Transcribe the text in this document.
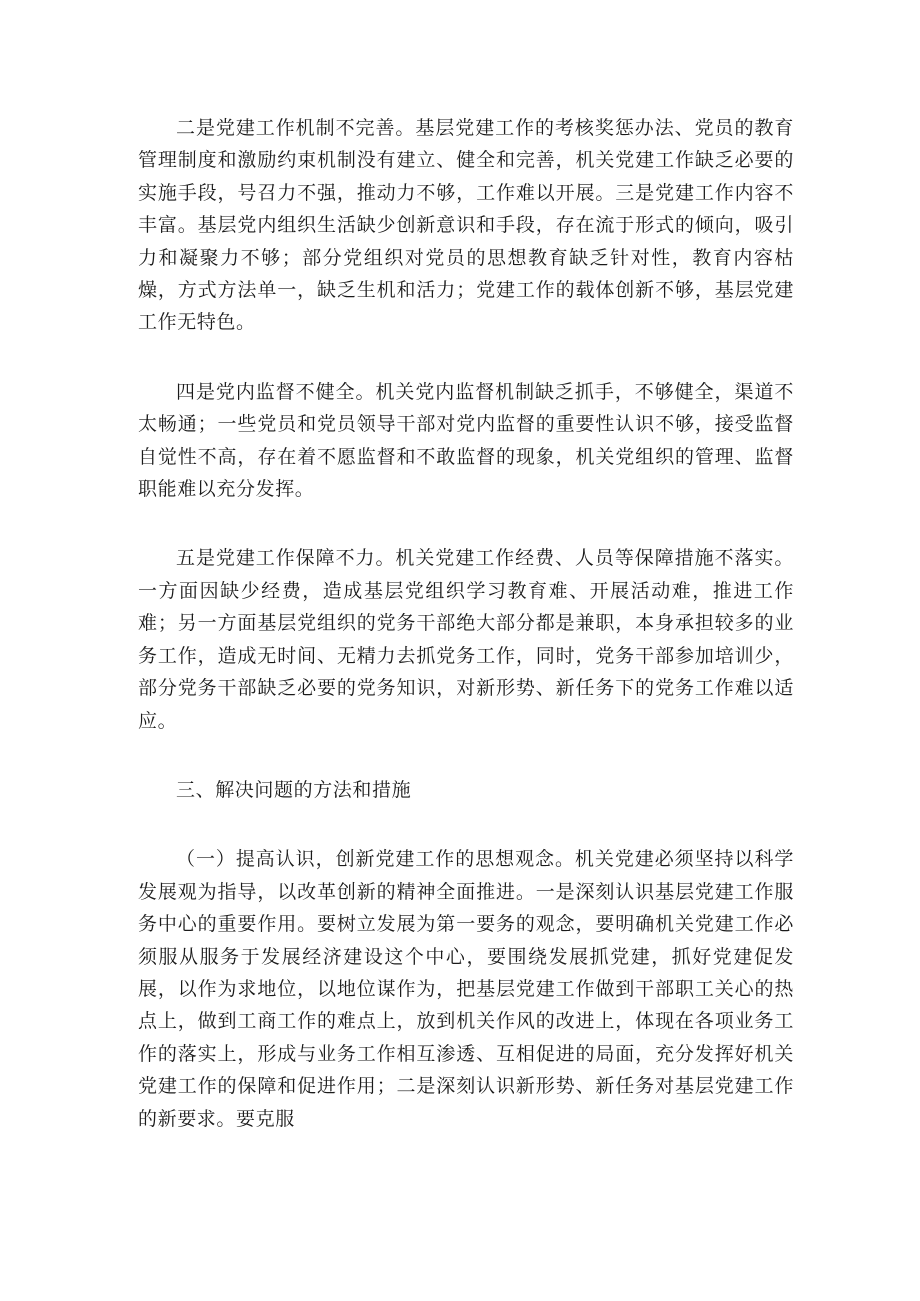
二是党建工作机制不完善。基层党建工作的考核奖惩办法、党员的教育管理制度和激励约束机制没有建立、健全和完善，机关党建工作缺乏必要的实施手段，号召力不强，推动力不够，工作难以开展。三是党建工作内容不丰富。基层党内组织生活缺少创新意识和手段，存在流于形式的倾向，吸引力和凝聚力不够；部分党组织对党员的思想教育缺乏针对性，教育内容枯燥，方式方法单一，缺乏生机和活力；党建工作的载体创新不够，基层党建工作无特色。

四是党内监督不健全。机关党内监督机制缺乏抓手，不够健全，渠道不太畅通；一些党员和党员领导干部对党内监督的重要性认识不够，接受监督自觉性不高，存在着不愿监督和不敢监督的现象，机关党组织的管理、监督职能难以充分发挥。

五是党建工作保障不力。机关党建工作经费、人员等保障措施不落实。一方面因缺少经费，造成基层党组织学习教育难、开展活动难，推进工作难；另一方面基层党组织的党务干部绝大部分都是兼职，本身承担较多的业务工作，造成无时间、无精力去抓党务工作，同时，党务干部参加培训少，部分党务干部缺乏必要的党务知识，对新形势、新任务下的党务工作难以适应。

三、解决问题的方法和措施

（一）提高认识，创新党建工作的思想观念。机关党建必须坚持以科学发展观为指导，以改革创新的精神全面推进。一是深刻认识基层党建工作服务中心的重要作用。要树立发展为第一要务的观念，要明确机关党建工作必须服从服务于发展经济建设这个中心，要围绕发展抓党建，抓好党建促发展，以作为求地位，以地位谋作为，把基层党建工作做到干部职工关心的热点上，做到工商工作的难点上，放到机关作风的改进上，体现在各项业务工作的落实上，形成与业务工作相互渗透、互相促进的局面，充分发挥好机关党建工作的保障和促进作用；二是深刻认识新形势、新任务对基层党建工作的新要求。要克服
